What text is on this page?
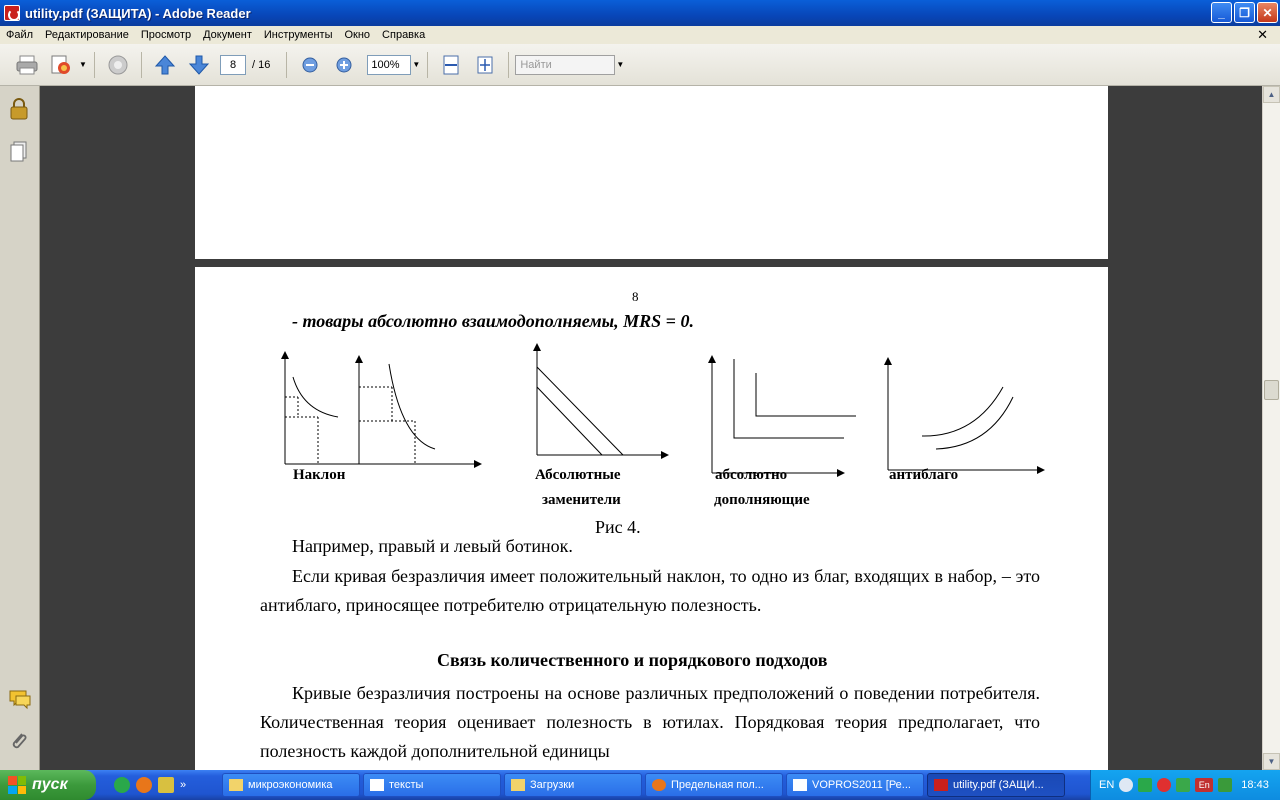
utility.pdf (ЗАЩИТА) - Adobe Reader	_	❐	✕
Файл	Редактирование	Просмотр	Документ	Инструменты	Окно	Справка	✕
▼	8	/ 16	100%	▼	Найти	▼
8
- товары абсолютно взаимодополняемы, MRS = 0.
Наклон	Абсолютные
заменители
абсолютно
дополняющие
антиблаго
Рис 4.
Например, правый и левый ботинок.
Если кривая безразличия имеет положительный наклон, то одно из благ, входящих в набор, – это антиблаго, приносящее потребителю отрицательную полезность.
Связь количественного и порядкового подходов
Кривые безразличия построены на основе различных предположений о поведении потребителя. Количественная теория оценивает полезность в ютилах. Порядковая теория предполагает, что полезность каждой дополнительной единицы
▲
▼
пуск	»	микроэкономика	тексты	Загрузки	Предельная пол...	VOPROS2011 [Ре...	utility.pdf (ЗАЩИ...	EN	En	18:43
